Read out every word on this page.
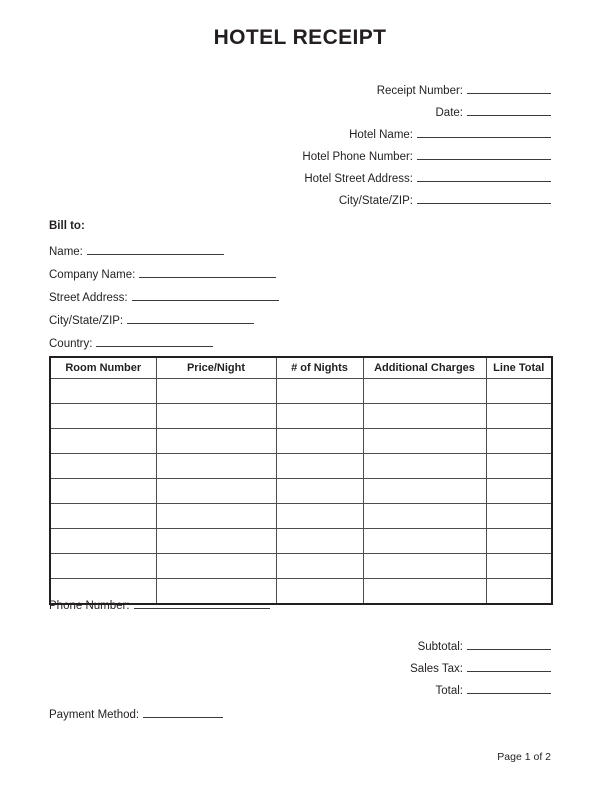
HOTEL RECEIPT
Receipt Number:
Date:
Hotel Name:
Hotel Phone Number:
Hotel Street Address:
City/State/ZIP:
Bill to:
Name:
Company Name:
Street Address:
City/State/ZIP:
Country:
Room Number	Price/Night	# of Nights	Additional Charges	Line Total

Phone Number:
Subtotal:
Sales Tax:
Total:
Payment Method:
Page 1 of 2
